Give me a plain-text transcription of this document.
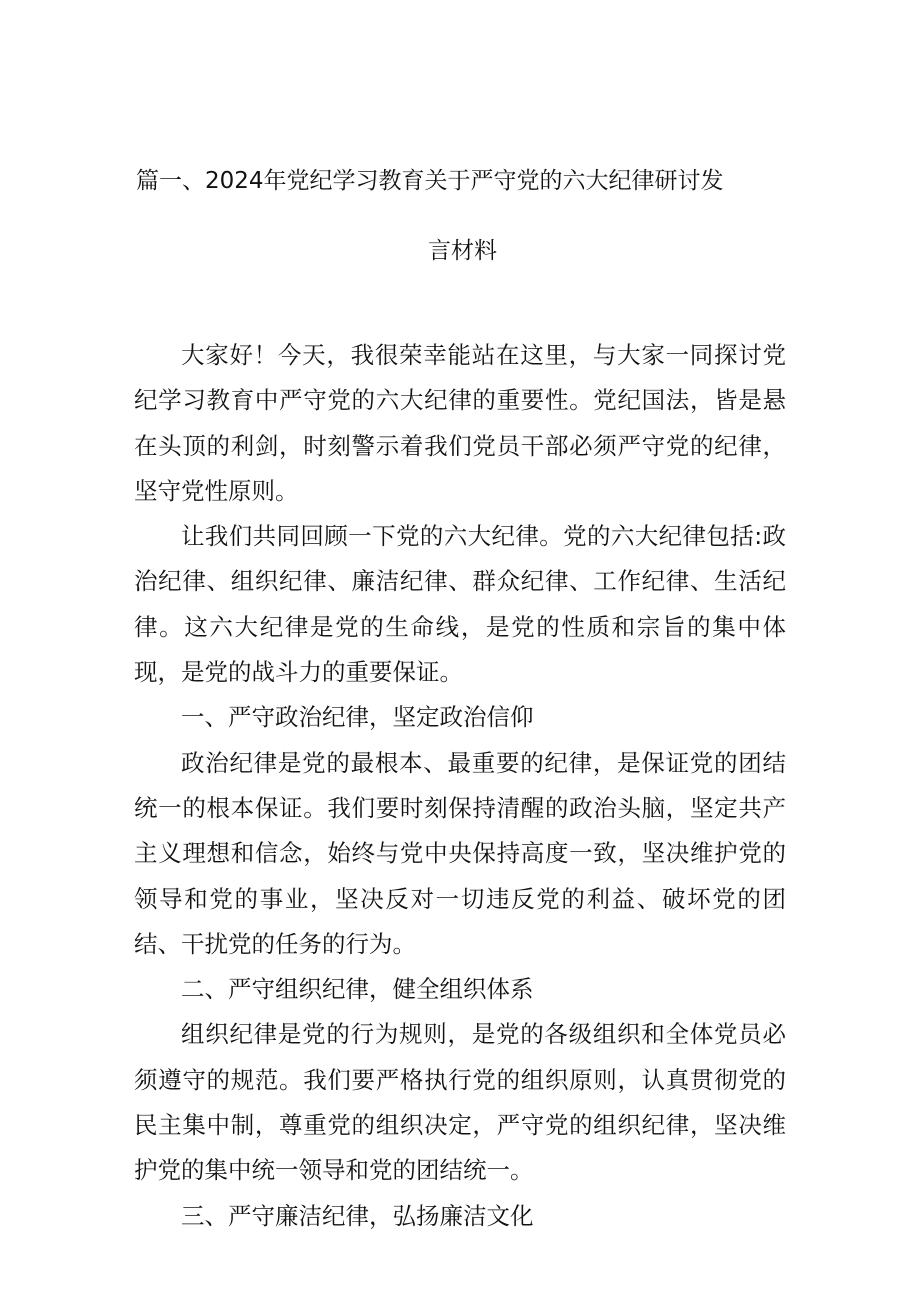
篇一、2024年党纪学习教育关于严守党的六大纪律研讨发
言材料

大家好！今天，我很荣幸能站在这里，与大家一同探讨党纪学习教育中严守党的六大纪律的重要性。党纪国法，皆是悬在头顶的利剑，时刻警示着我们党员干部必须严守党的纪律，坚守党性原则。

让我们共同回顾一下党的六大纪律。党的六大纪律包括:政治纪律、组织纪律、廉洁纪律、群众纪律、工作纪律、生活纪律。这六大纪律是党的生命线，是党的性质和宗旨的集中体现，是党的战斗力的重要保证。

一、严守政治纪律，坚定政治信仰

政治纪律是党的最根本、最重要的纪律，是保证党的团结统一的根本保证。我们要时刻保持清醒的政治头脑，坚定共产主义理想和信念，始终与党中央保持高度一致，坚决维护党的领导和党的事业，坚决反对一切违反党的利益、破坏党的团结、干扰党的任务的行为。

二、严守组织纪律，健全组织体系

组织纪律是党的行为规则，是党的各级组织和全体党员必须遵守的规范。我们要严格执行党的组织原则，认真贯彻党的民主集中制，尊重党的组织决定，严守党的组织纪律，坚决维护党的集中统一领导和党的团结统一。

三、严守廉洁纪律，弘扬廉洁文化
